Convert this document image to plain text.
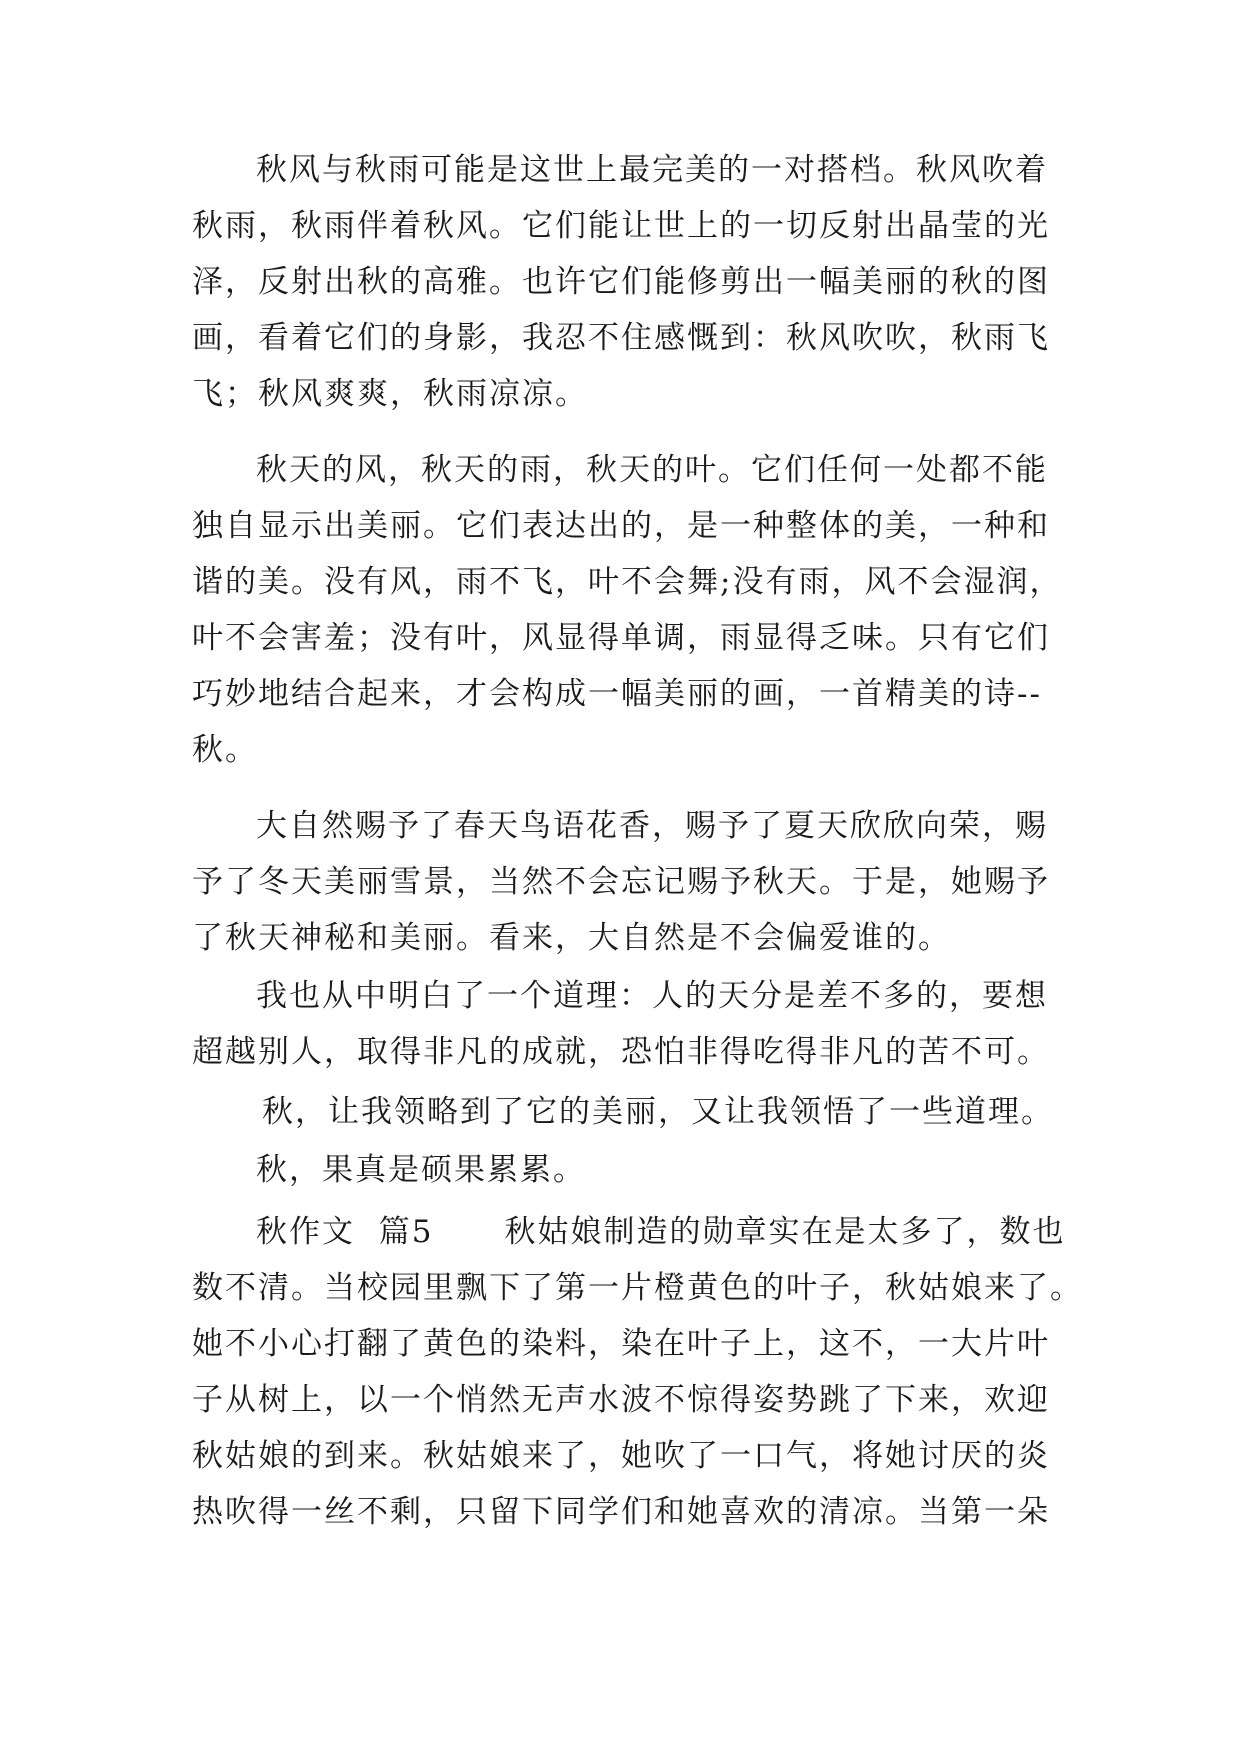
秋风与秋雨可能是这世上最完美的一对搭档。秋风吹着
秋雨，秋雨伴着秋风。它们能让世上的一切反射出晶莹的光
泽，反射出秋的高雅。也许它们能修剪出一幅美丽的秋的图
画，看着它们的身影，我忍不住感慨到：秋风吹吹，秋雨飞
飞；秋风爽爽，秋雨凉凉。
秋天的风，秋天的雨，秋天的叶。它们任何一处都不能
独自显示出美丽。它们表达出的，是一种整体的美，一种和
谐的美。没有风，雨不飞，叶不会舞;没有雨，风不会湿润，
叶不会害羞；没有叶，风显得单调，雨显得乏味。只有它们
巧妙地结合起来，才会构成一幅美丽的画，一首精美的诗--
秋。
大自然赐予了春天鸟语花香，赐予了夏天欣欣向荣，赐
予了冬天美丽雪景，当然不会忘记赐予秋天。于是，她赐予
了秋天神秘和美丽。看来，大自然是不会偏爱谁的。
我也从中明白了一个道理：人的天分是差不多的，要想
超越别人，取得非凡的成就，恐怕非得吃得非凡的苦不可。
秋，让我领略到了它的美丽，又让我领悟了一些道理。
秋，果真是硕果累累。
秋作文  篇5      秋姑娘制造的勋章实在是太多了，数也
数不清。当校园里飘下了第一片橙黄色的叶子，秋姑娘来了。
她不小心打翻了黄色的染料，染在叶子上，这不，一大片叶
子从树上，以一个悄然无声水波不惊得姿势跳了下来，欢迎
秋姑娘的到来。秋姑娘来了，她吹了一口气，将她讨厌的炎
热吹得一丝不剩，只留下同学们和她喜欢的清凉。当第一朵
